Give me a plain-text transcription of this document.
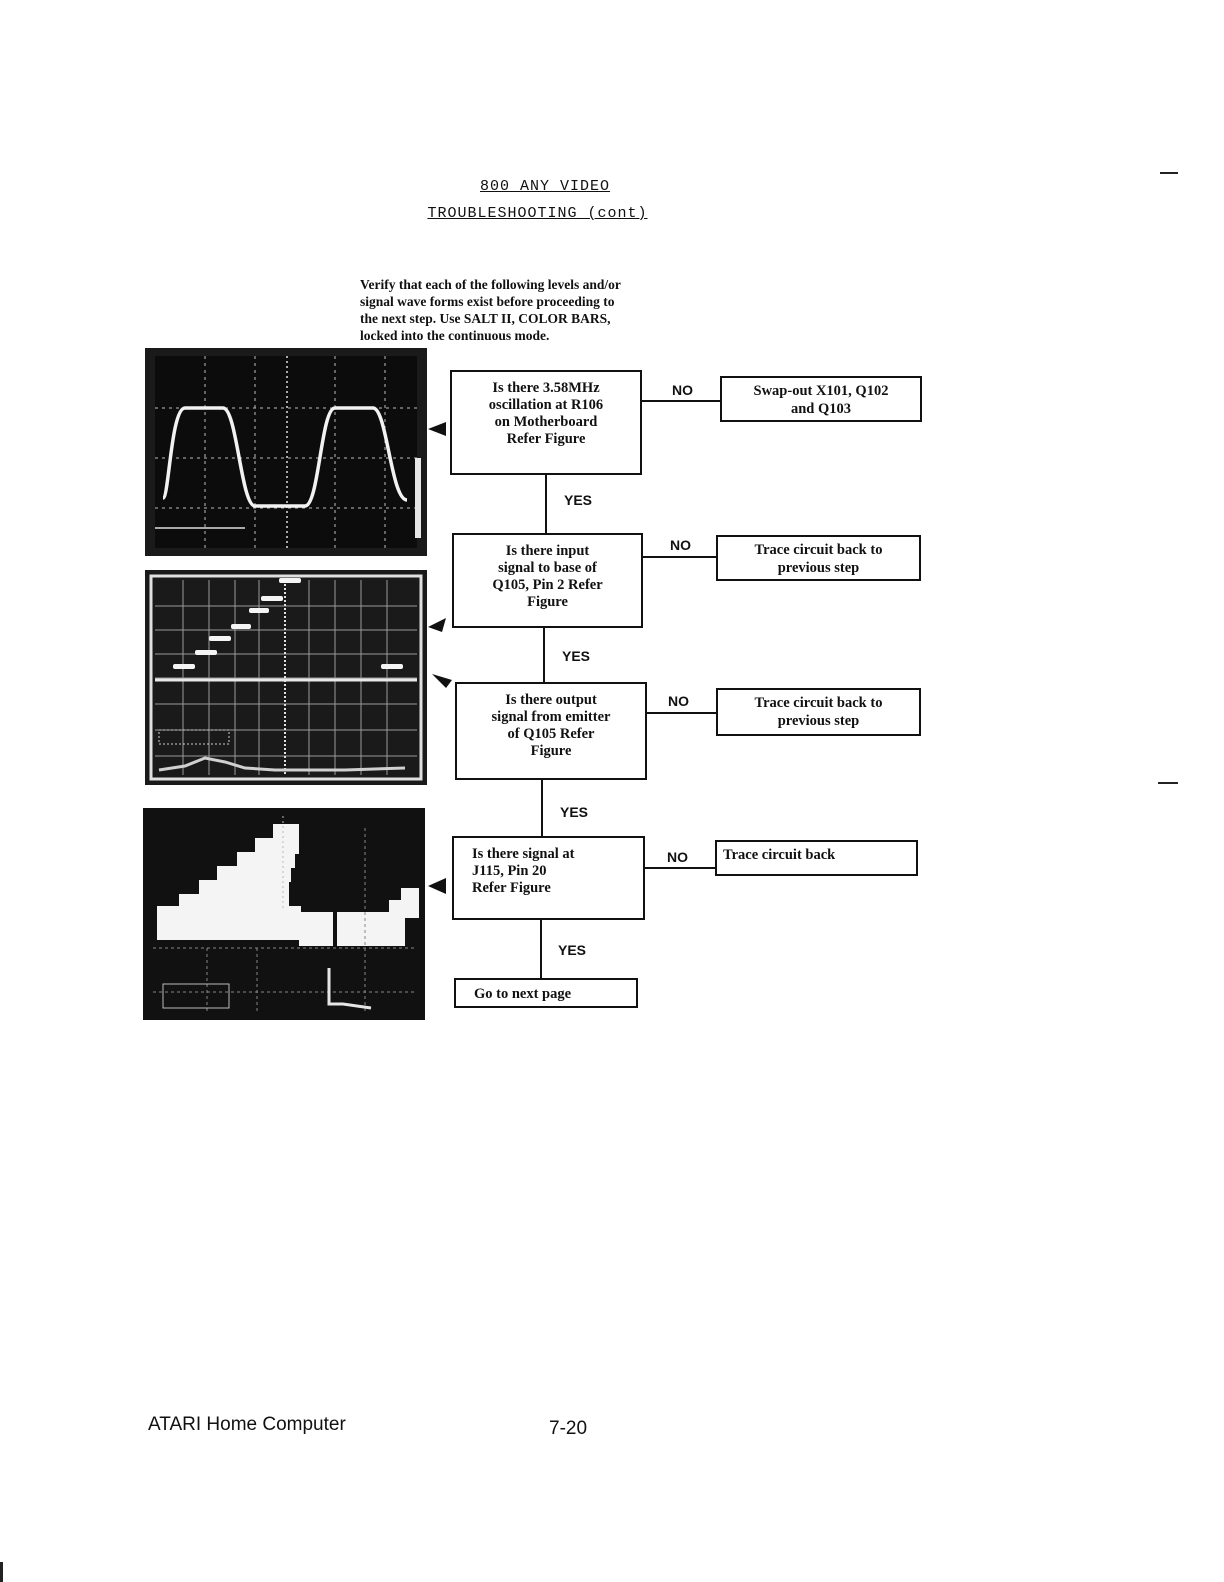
800 ANY VIDEO
TROUBLESHOOTING (cont)
Verify that each of the following levels and/or
signal wave forms exist before proceeding to
the next step. Use SALT II, COLOR BARS,
locked into the continuous mode.
Is there 3.58MHz
oscillation at R106
on Motherboard
Refer Figure
NO	Swap-out X101, Q102
and Q103
YES
Is there input
signal to base of
Q105, Pin 2 Refer
Figure
NO	Trace circuit back to
previous step
YES
Is there output
signal from emitter
of Q105 Refer
Figure
NO	Trace circuit back to
previous step
YES
Is there signal at
J115, Pin 20
Refer Figure
NO	Trace circuit back
YES
Go to next page
ATARI Home Computer	7-20
